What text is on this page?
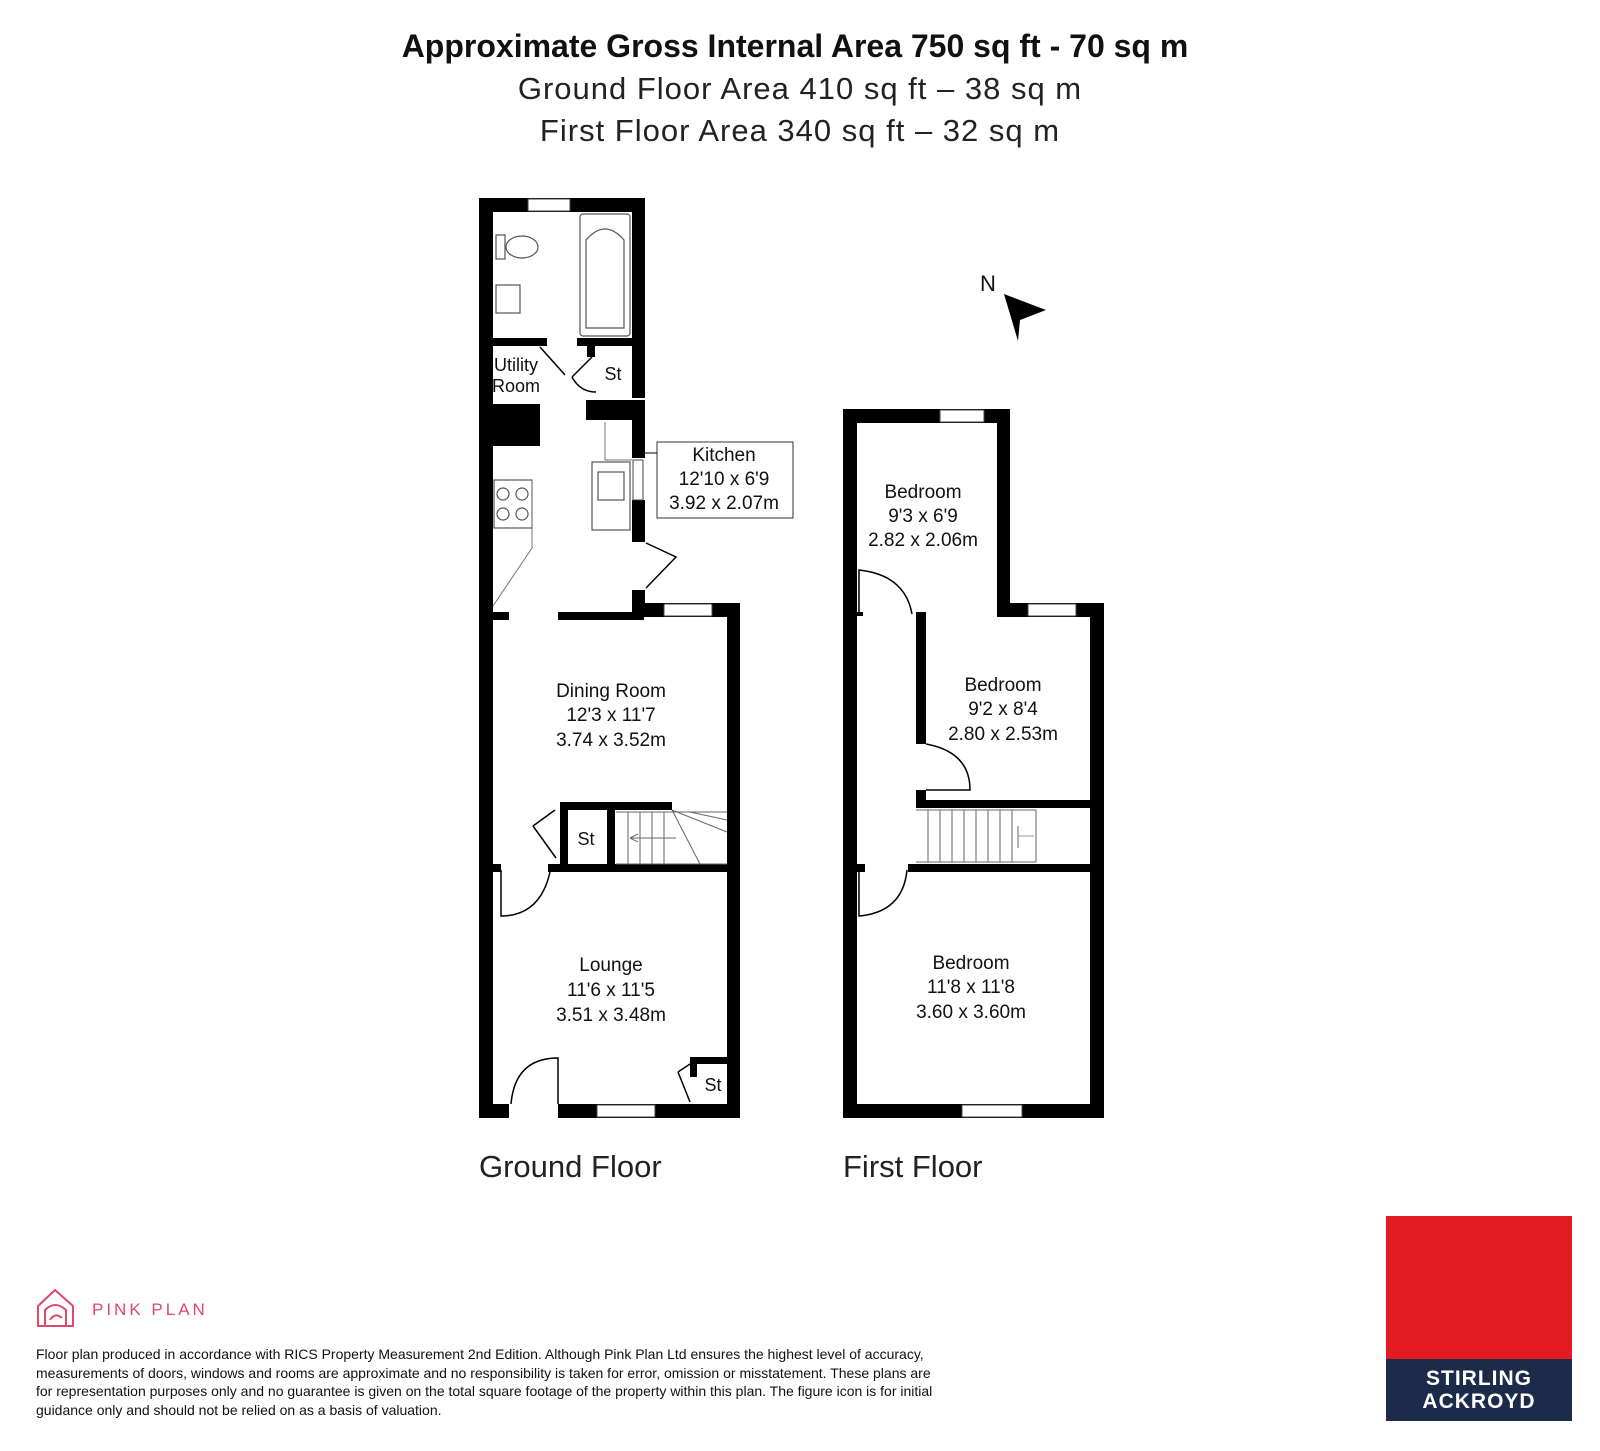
Approximate Gross Internal Area 750 sq ft - 70 sq m
Ground Floor Area 410 sq ft – 38 sq m
First Floor Area 340 sq ft – 32 sq m
Utility
Room
St
Kitchen
12'10 x 6'9
3.92 x 2.07m
Dining Room
12'3 x 11'7
3.74 x 3.52m
St
Lounge
11'6 x 11'5
3.51 x 3.48m
St
Ground Floor
Bedroom
9'3 x 6'9
2.82 x 2.06m
Bedroom
9'2 x 8'4
2.80 x 2.53m
Bedroom
11'8 x 11'8
3.60 x 3.60m
First Floor
N
PINK PLAN
Floor plan produced in accordance with RICS Property Measurement 2nd Edition. Although Pink Plan Ltd ensures the highest level of accuracy, measurements of doors, windows and rooms are approximate and no responsibility is taken for error, omission or misstatement. These plans are for representation purposes only and no guarantee is given on the total square footage of the property within this plan. The figure icon is for initial guidance only and should not be relied on as a basis of valuation.
STIRLING
ACKROYD
